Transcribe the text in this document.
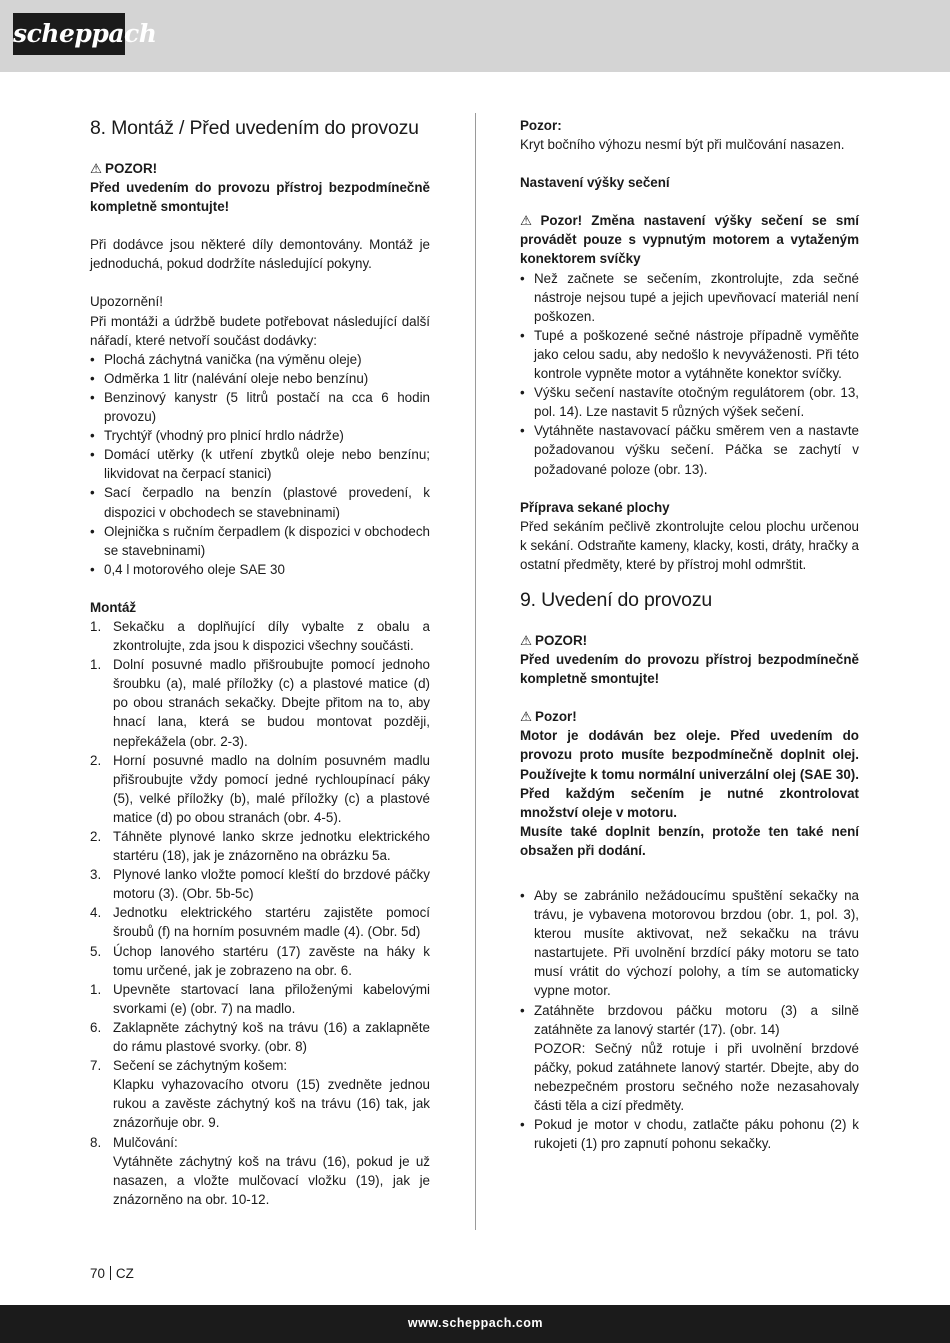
scheppach
8. Montáž / Před uvedením do provozu

⚠ POZOR!

Před uvedením do provozu přístroj bezpodmínečně kompletně smontujte!

Při dodávce jsou některé díly demontovány. Montáž je jednoduchá, pokud dodržíte následující pokyny.

Upozornění!

Při montáži a údržbě budete potřebovat následující další nářadí, které netvoří součást dodávky:

• Plochá záchytná vanička (na výměnu oleje)
• Odměrka 1 litr (nalévání oleje nebo benzínu)
• Benzinový kanystr (5 litrů postačí na cca 6 hodin provozu)
• Trychtýř (vhodný pro plnicí hrdlo nádrže)
• Domácí utěrky (k utření zbytků oleje nebo benzínu; likvidovat na čerpací stanici)
• Sací čerpadlo na benzín (plastové provedení, k dispozici v obchodech se stavebninami)
• Olejnička s ručním čerpadlem (k dispozici v obchodech se stavebninami)
• 0,4 l motorového oleje SAE 30

Montáž

1. Sekačku a doplňující díly vybalte z obalu a zkontrolujte, zda jsou k dispozici všechny součásti.
1. Dolní posuvné madlo přišroubujte pomocí jednoho šroubku (a), malé příložky (c) a plastové matice (d) po obou stranách sekačky. Dbejte přitom na to, aby hnací lana, která se budou montovat později, nepřekážela (obr. 2-3).
2. Horní posuvné madlo na dolním posuvném madlu přišroubujte vždy pomocí jedné rychloupínací páky (5), velké příložky (b), malé příložky (c) a plastové matice (d) po obou stranách (obr. 4-5).
2. Táhněte plynové lanko skrze jednotku elektrického startéru (18), jak je znázorněno na obrázku 5a.
3. Plynové lanko vložte pomocí kleští do brzdové páčky motoru (3). (Obr. 5b-5c)
4. Jednotku elektrického startéru zajistěte pomocí šroubů (f) na horním posuvném madle (4). (Obr. 5d)
5. Úchop lanového startéru (17) zavěste na háky k tomu určené, jak je zobrazeno na obr. 6.
1. Upevněte startovací lana přiloženými kabelovými svorkami (e) (obr. 7) na madlo.
6. Zaklapněte záchytný koš na trávu (16) a zaklapněte do rámu plastové svorky. (obr. 8)
7. Sečení se záchytným košem:
Klapku vyhazovacího otvoru (15) zvedněte jednou rukou a zavěste záchytný koš na trávu (16) tak, jak znázorňuje obr. 9.
8. Mulčování:
Vytáhněte záchytný koš na trávu (16), pokud je už nasazen, a vložte mulčovací vložku (19), jak je znázorněno na obr. 10-12.

Pozor:

Kryt bočního výhozu nesmí být při mulčování nasazen.

Nastavení výšky sečení

⚠ Pozor! Změna nastavení výšky sečení se smí provádět pouze s vypnutým motorem a vytaženým konektorem svíčky

• Než začnete se sečením, zkontrolujte, zda sečné nástroje nejsou tupé a jejich upevňovací materiál není poškozen.
• Tupé a poškozené sečné nástroje případně vyměňte jako celou sadu, aby nedošlo k nevyváženosti. Při této kontrole vypněte motor a vytáhněte konektor svíčky.
• Výšku sečení nastavíte otočným regulátorem (obr. 13, pol. 14). Lze nastavit 5 různých výšek sečení.
• Vytáhněte nastavovací páčku směrem ven a nastavte požadovanou výšku sečení. Páčka se zachytí v požadované poloze (obr. 13).

Příprava sekané plochy

Před sekáním pečlivě zkontrolujte celou plochu určenou k sekání. Odstraňte kameny, klacky, kosti, dráty, hračky a ostatní předměty, které by přístroj mohl odmrštit.

9. Uvedení do provozu

⚠ POZOR!

Před uvedením do provozu přístroj bezpodmínečně kompletně smontujte!

⚠ Pozor!

Motor je dodáván bez oleje. Před uvedením do provozu proto musíte bezpodmínečně doplnit olej. Používejte k tomu normální univerzální olej (SAE 30). Před každým sečením je nutné zkontrolovat množství oleje v motoru.

Musíte také doplnit benzín, protože ten také není obsažen při dodání.

• Aby se zabránilo nežádoucímu spuštění sekačky na trávu, je vybavena motorovou brzdou (obr. 1, pol. 3), kterou musíte aktivovat, než sekačku na trávu nastartujete. Při uvolnění brzdící páky motoru se tato musí vrátit do výchozí polohy, a tím se automaticky vypne motor.
• Zatáhněte brzdovou páčku motoru (3) a silně zatáhněte za lanový startér (17). (obr. 14)
POZOR: Sečný nůž rotuje i při uvolnění brzdové páčky, pokud zatáhnete lanový startér. Dbejte, aby do nebezpečném prostoru sečného nože nezasahovaly části těla a cizí předměty.
• Pokud je motor v chodu, zatlačte páku pohonu (2) k rukojeti (1) pro zapnutí pohonu sekačky.
70 CZ
www.scheppach.com
